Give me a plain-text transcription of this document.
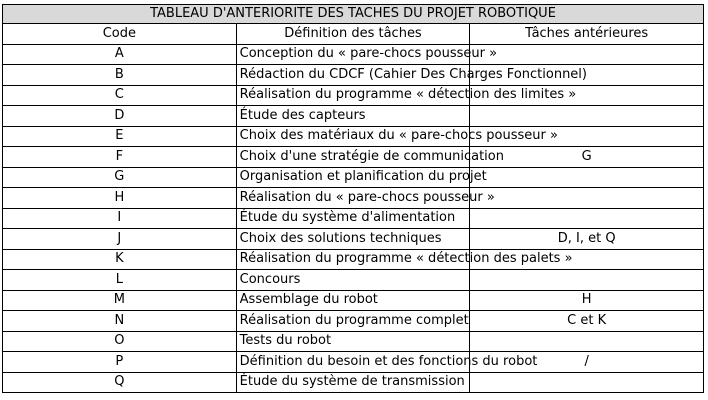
TABLEAU D'ANTERIORITE DES TACHES DU PROJET ROBOTIQUE		
Code	Définition des tâches	Tâches antérieures
A	Conception du « pare-chocs pousseur »	
B	Rédaction du CDCF (Cahier Des Charges Fonctionnel)	
C	Réalisation du programme « détection des limites »	
D	Étude des capteurs	
E	Choix des matériaux du « pare-chocs pousseur »	
F	Choix d'une stratégie de communication	G
G	Organisation et planification du projet	
H	Réalisation du « pare-chocs pousseur »	
I	Étude du système d'alimentation	
J	Choix des solutions techniques	D, I, et Q
K	Réalisation du programme « détection des palets »	
L	Concours	
M	Assemblage du robot	H
N	Réalisation du programme complet	C et K
O	Tests du robot	
P	Définition du besoin et des fonctions du robot	/
Q	Étude du système de transmission	
